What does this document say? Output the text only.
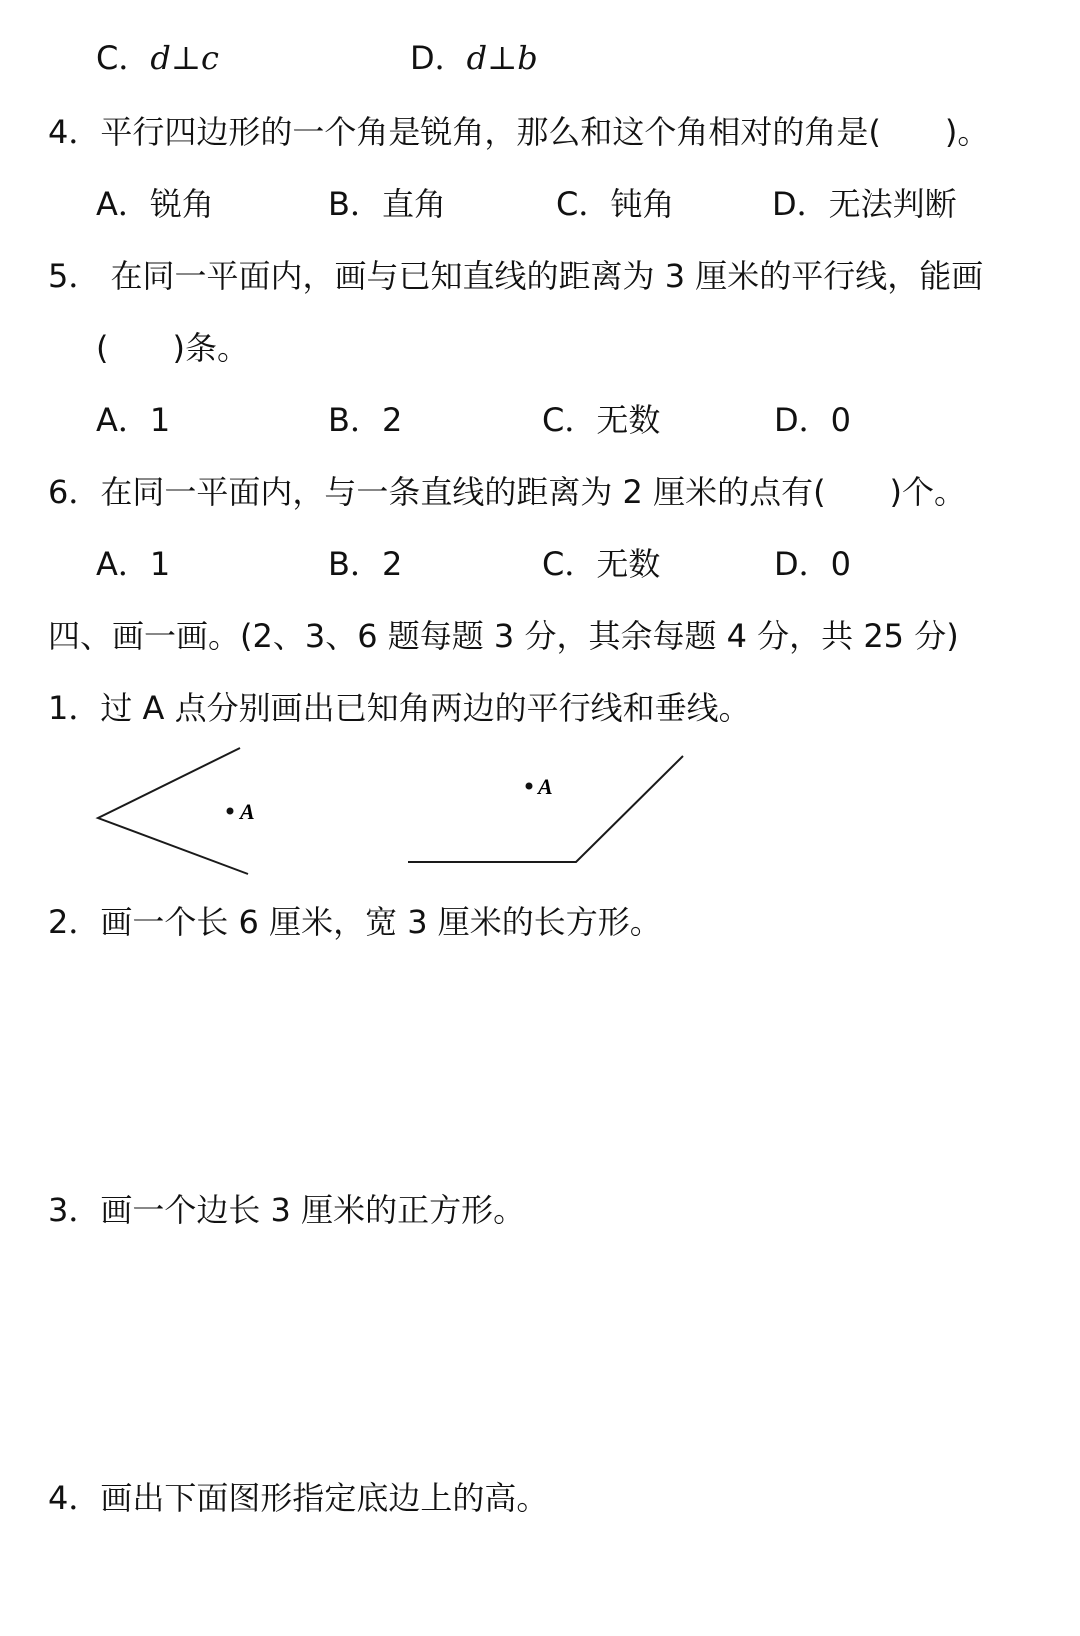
C．d⊥c	D．d⊥b
4．平行四边形的一个角是锐角，那么和这个角相对的角是(　　)。
A．锐角	B．直角	C．钝角	D．无法判断
5． 在同一平面内，画与已知直线的距离为 3 厘米的平行线，能画
(　　)条。
A．1	B．2	C．无数	D．0
6．在同一平面内，与一条直线的距离为 2 厘米的点有(　　)个。
A．1	B．2	C．无数	D．0
四、画一画。(2、3、6 题每题 3 分，其余每题 4 分，共 25 分)
1．过 A 点分别画出已知角两边的平行线和垂线。
A
A
2．画一个长 6 厘米，宽 3 厘米的长方形。
3．画一个边长 3 厘米的正方形。
4．画出下面图形指定底边上的高。
